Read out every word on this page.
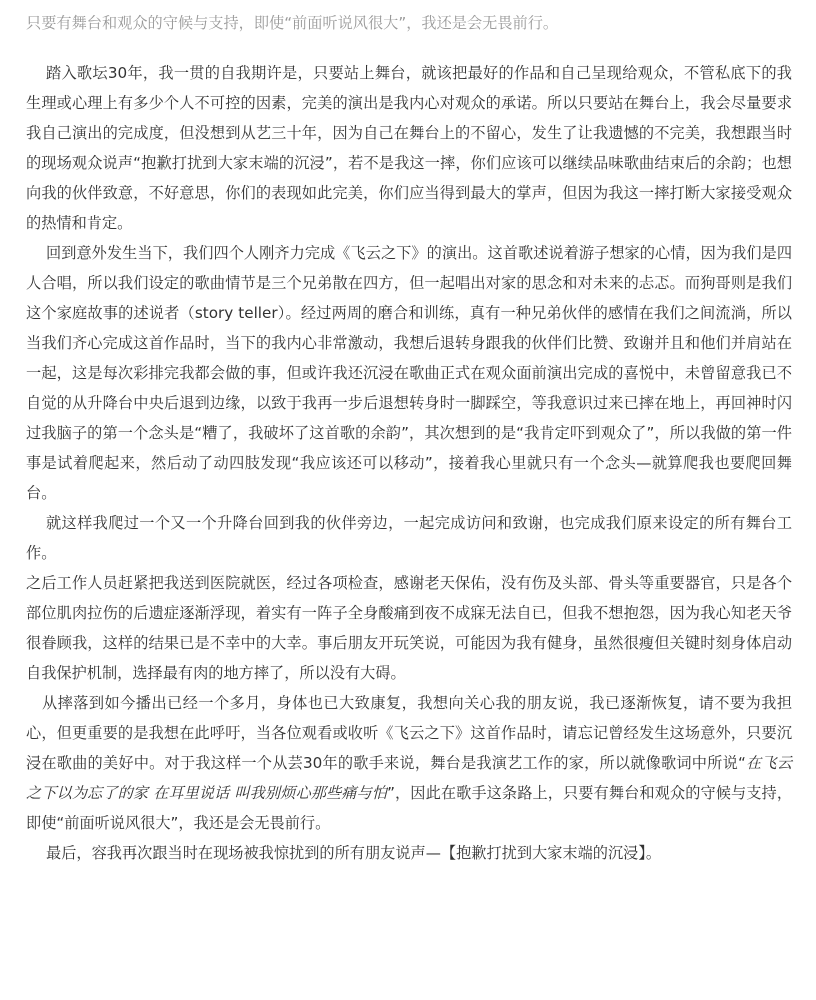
只要有舞台和观众的守候与支持，即使“前面听说风很大”，我还是会无畏前行。

踏入歌坛30年，我一贯的自我期许是，只要站上舞台，就该把最好的作品和自己呈现给观众，不管私底下的我生理或心理上有多少个人不可控的因素，完美的演出是我内心对观众的承诺。所以只要站在舞台上，我会尽量要求我自己演出的完成度，但没想到从艺三十年，因为自己在舞台上的不留心，发生了让我遗憾的不完美，我想跟当时的现场观众说声“抱歉打扰到大家末端的沉浸”，若不是我这一摔，你们应该可以继续品味歌曲结束后的余韵；也想向我的伙伴致意，不好意思，你们的表现如此完美，你们应当得到最大的掌声，但因为我这一摔打断大家接受观众的热情和肯定。

回到意外发生当下，我们四个人刚齐力完成《飞云之下》的演出。这首歌述说着游子想家的心情，因为我们是四人合唱，所以我们设定的歌曲情节是三个兄弟散在四方，但一起唱出对家的思念和对未来的忐忑。而狗哥则是我们这个家庭故事的述说者（story teller）。经过两周的磨合和训练，真有一种兄弟伙伴的感情在我们之间流淌，所以当我们齐心完成这首作品时，当下的我内心非常激动，我想后退转身跟我的伙伴们比赞、致谢并且和他们并肩站在一起，这是每次彩排完我都会做的事，但或许我还沉浸在歌曲正式在观众面前演出完成的喜悦中，未曾留意我已不自觉的从升降台中央后退到边缘，以致于我再一步后退想转身时一脚踩空，等我意识过来已摔在地上，再回神时闪过我脑子的第一个念头是“糟了，我破坏了这首歌的余韵”，其次想到的是“我肯定吓到观众了”，所以我做的第一件事是试着爬起来，然后动了动四肢发现“我应该还可以移动”，接着我心里就只有一个念头—就算爬我也要爬回舞台。

就这样我爬过一个又一个升降台回到我的伙伴旁边，一起完成访问和致谢，也完成我们原来设定的所有舞台工作。

之后工作人员赶紧把我送到医院就医，经过各项检查，感谢老天保佑，没有伤及头部、骨头等重要器官，只是各个部位肌肉拉伤的后遗症逐渐浮现，着实有一阵子全身酸痛到夜不成寐无法自已，但我不想抱怨，因为我心知老天爷很眷顾我，这样的结果已是不幸中的大幸。事后朋友开玩笑说，可能因为我有健身，虽然很瘦但关键时刻身体启动自我保护机制，选择最有肉的地方摔了，所以没有大碍。

从摔落到如今播出已经一个多月，身体也已大致康复，我想向关心我的朋友说，我已逐渐恢复，请不要为我担心，但更重要的是我想在此呼吁，当各位观看或收听《飞云之下》这首作品时，请忘记曾经发生这场意外，只要沉浸在歌曲的美好中。对于我这样一个从芸30年的歌手来说，舞台是我演艺工作的家，所以就像歌词中所说“在飞云之下以为忘了的家 在耳里说话 叫我别烦心那些痛与怕”，因此在歌手这条路上，只要有舞台和观众的守候与支持，即使“前面听说风很大”，我还是会无畏前行。

最后，容我再次跟当时在现场被我惊扰到的所有朋友说声—【抱歉打扰到大家末端的沉浸】。
